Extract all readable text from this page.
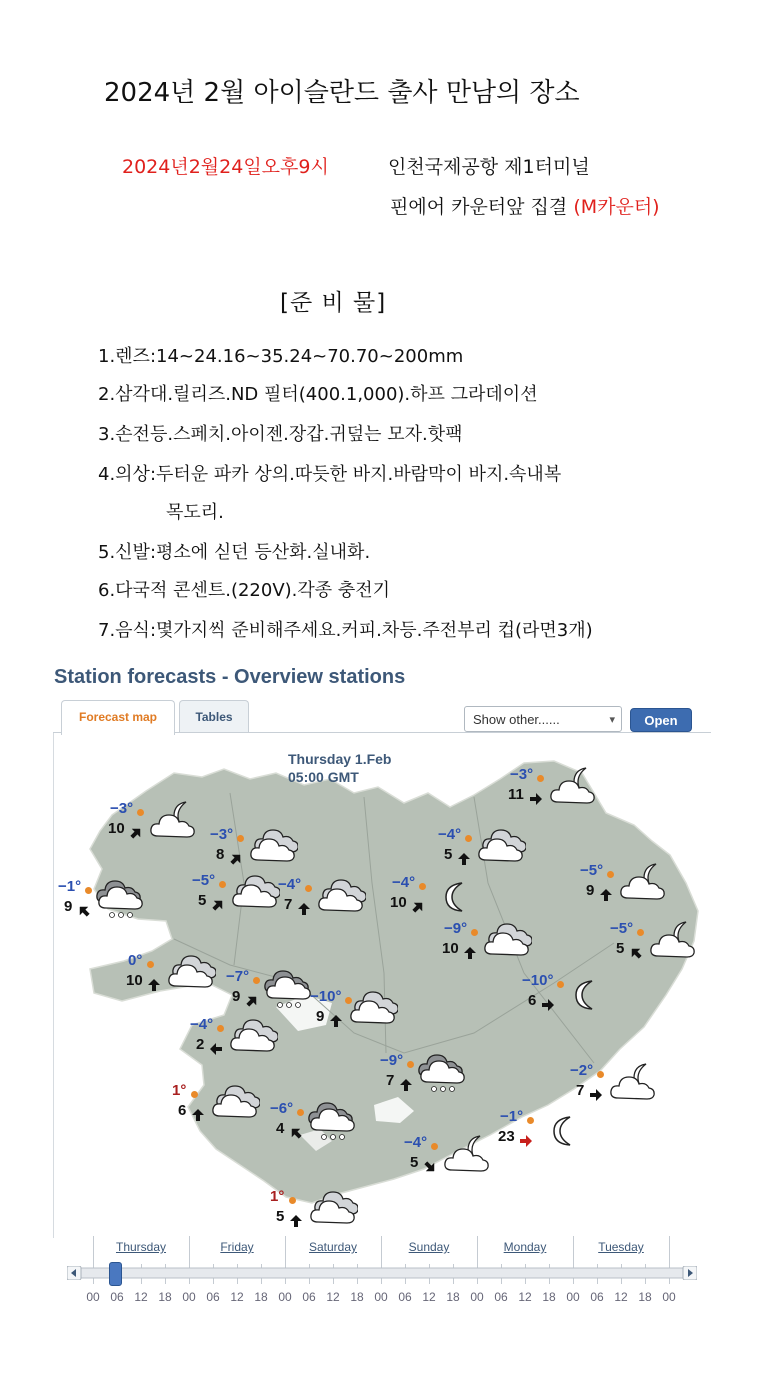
2024년 2월 아이슬란드 출사 만남의 장소
2024년2월24일오후9시	인천국제공항 제1터미널
핀에어 카운터앞 집결 (M카운터)
[준 비 물]
1.렌즈:14~24.16~35.24~70.70~200mm
2.삼각대.릴리즈.ND 필터(400.1,000).하프 그라데이션
3.손전등.스페치.아이젠.장갑.귀덮는 모자.핫팩
4.의상:두터운 파카 상의.따듯한 바지.바람막이 바지.속내복
목도리.
5.신발:평소에 싣던 등산화.실내화.
6.다국적 콘센트.(220V).각종 충전기
7.음식:몇가지씩 준비해주세요.커피.차등.주전부리 컵(라면3개)
Station forecasts - Overview stations
Forecast map	Tables	Show other......	▾	Open
Thursday 1.Feb
05:00 GMT
−3°
10	−3°
8
−1°
9
−5°
5
−4°
7
0°
10	−7°
9	−10°
9
−4°
2
1°
6	−6°
4
1°
5
−3°
11
−4°
5
−4°
10
−9°
10
−5°
9
−5°
5
−10°
6
−9°
7
−2°
7
−1°
23
−4°
5
Thursday	Friday	Saturday	Sunday	Monday	Tuesday
00 06 12 18 00 06 12 18 00 06 12 18 00 06 12 18 00 06 12 18 00 06 12 18 00
